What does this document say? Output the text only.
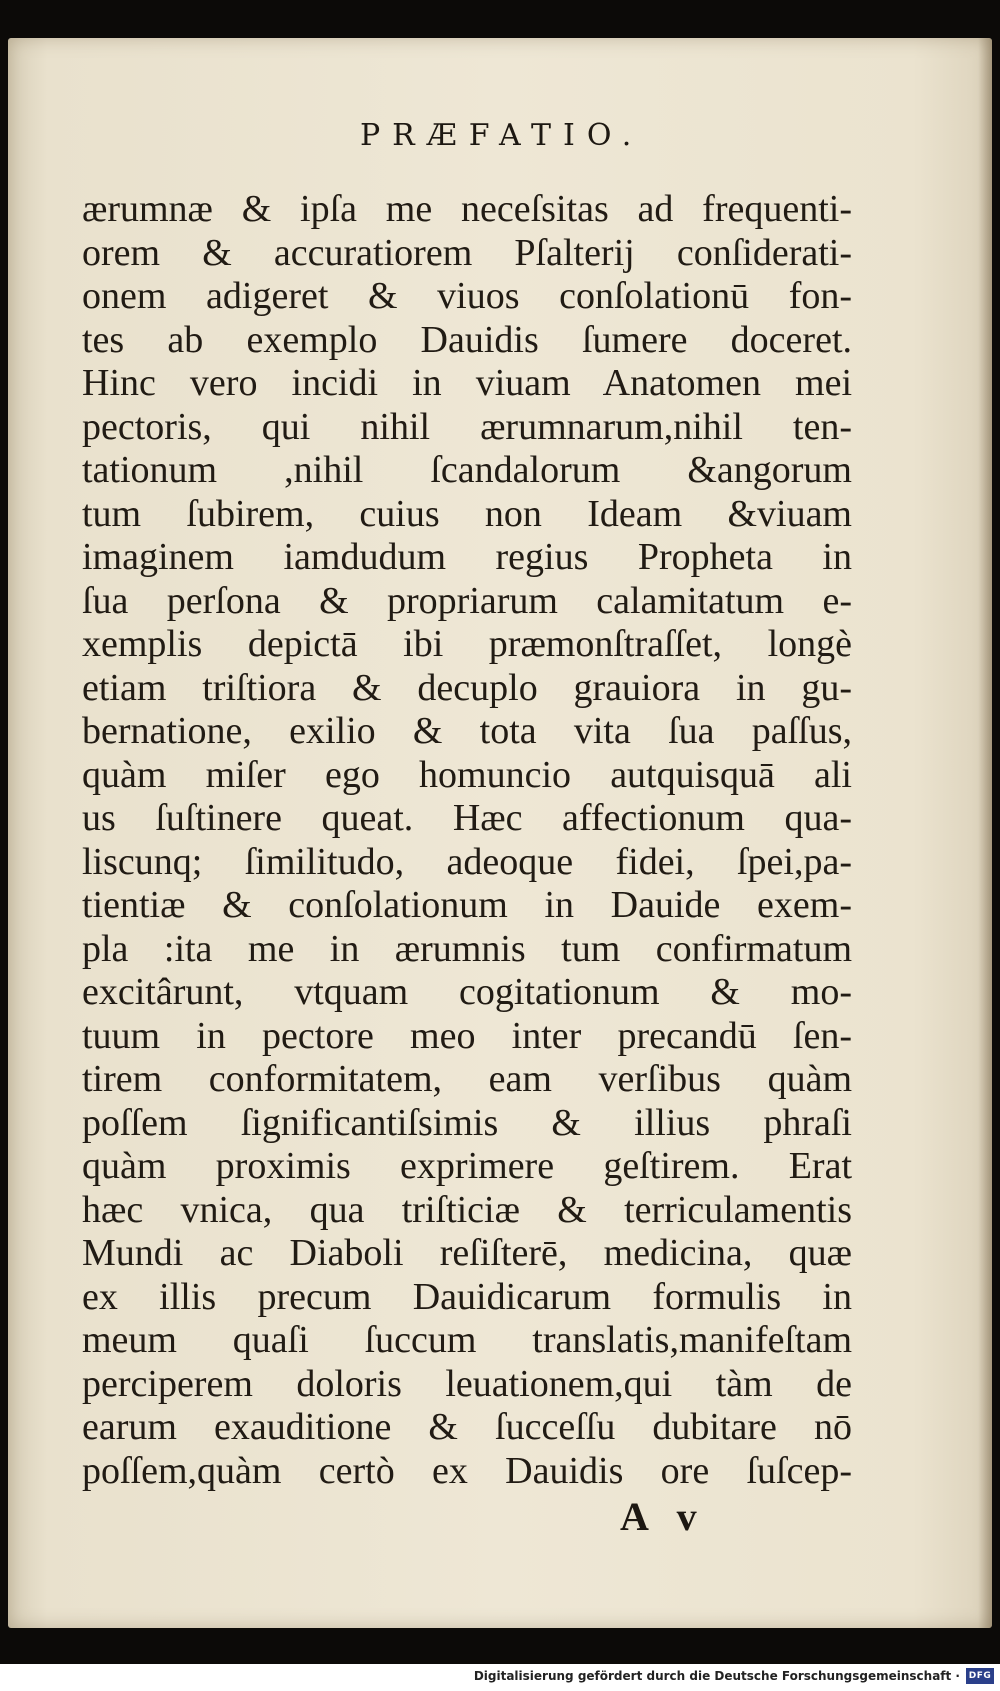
PRÆFATIO.
ærumnæ & ipſa me neceſsitas ad frequenti-
orem & accuratiorem Pſalterij conſiderati-
onem adigeret & viuos conſolationū fon-
tes ab exemplo Dauidis ſumere doceret.
Hinc vero incidi in viuam Anatomen mei
pectoris, qui nihil ærumnarum,nihil ten-
tationum ,nihil ſcandalorum &angorum
tum ſubirem, cuius non Ideam &viuam
imaginem iamdudum regius Propheta in
ſua perſona & propriarum calamitatum e-
xemplis depictā ibi præmonſtraſſet, longè
etiam triſtiora & decuplo grauiora in gu-
bernatione, exilio & tota vita ſua paſſus,
quàm miſer ego homuncio autquisquā ali
us ſuſtinere queat. Hæc affectionum qua-
liscunq; ſimilitudo, adeoque fidei, ſpei,pa-
tientiæ & conſolationum in Dauide exem-
pla :ita me in ærumnis tum confirmatum
excitârunt, vtquam cogitationum & mo-
tuum in pectore meo inter precandū ſen-
tirem conformitatem, eam verſibus quàm
poſſem ſignificantiſsimis & illius phraſi
quàm proximis exprimere geſtirem. Erat
hæc vnica, qua triſticiæ & terriculamentis
Mundi ac Diaboli reſiſterē, medicina, quæ
ex illis precum Dauidicarum formulis in
meum quaſi ſuccum translatis,manifeſtam
perciperem doloris leuationem,qui tàm de
earum exauditione & ſucceſſu dubitare nō
poſſem,quàm certò ex Dauidis ore ſuſcep-
A v
Digitalisierung gefördert durch die Deutsche Forschungsgemeinschaft · DFG
